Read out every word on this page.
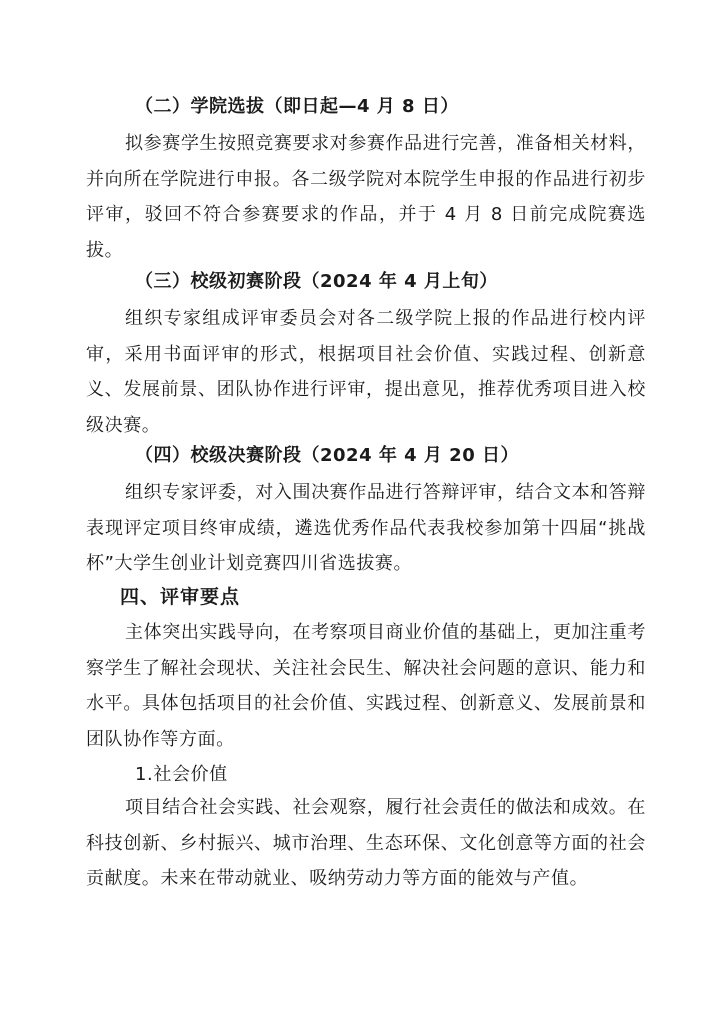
（二）学院选拔（即日起—4 月 8 日）
拟参赛学生按照竞赛要求对参赛作品进行完善，准备相关材料，并向所在学院进行申报。各二级学院对本院学生申报的作品进行初步评审，驳回不符合参赛要求的作品，并于 4 月 8 日前完成院赛选拔。
（三）校级初赛阶段（2024 年 4 月上旬）
组织专家组成评审委员会对各二级学院上报的作品进行校内评审，采用书面评审的形式，根据项目社会价值、实践过程、创新意义、发展前景、团队协作进行评审，提出意见，推荐优秀项目进入校级决赛。
（四）校级决赛阶段（2024 年 4 月 20 日）
组织专家评委，对入围决赛作品进行答辩评审，结合文本和答辩表现评定项目终审成绩，遴选优秀作品代表我校参加第十四届“挑战杯”大学生创业计划竞赛四川省选拔赛。
四、评审要点
主体突出实践导向，在考察项目商业价值的基础上，更加注重考察学生了解社会现状、关注社会民生、解决社会问题的意识、能力和水平。具体包括项目的社会价值、实践过程、创新意义、发展前景和团队协作等方面。
1.社会价值
项目结合社会实践、社会观察，履行社会责任的做法和成效。在科技创新、乡村振兴、城市治理、生态环保、文化创意等方面的社会贡献度。未来在带动就业、吸纳劳动力等方面的能效与产值。
